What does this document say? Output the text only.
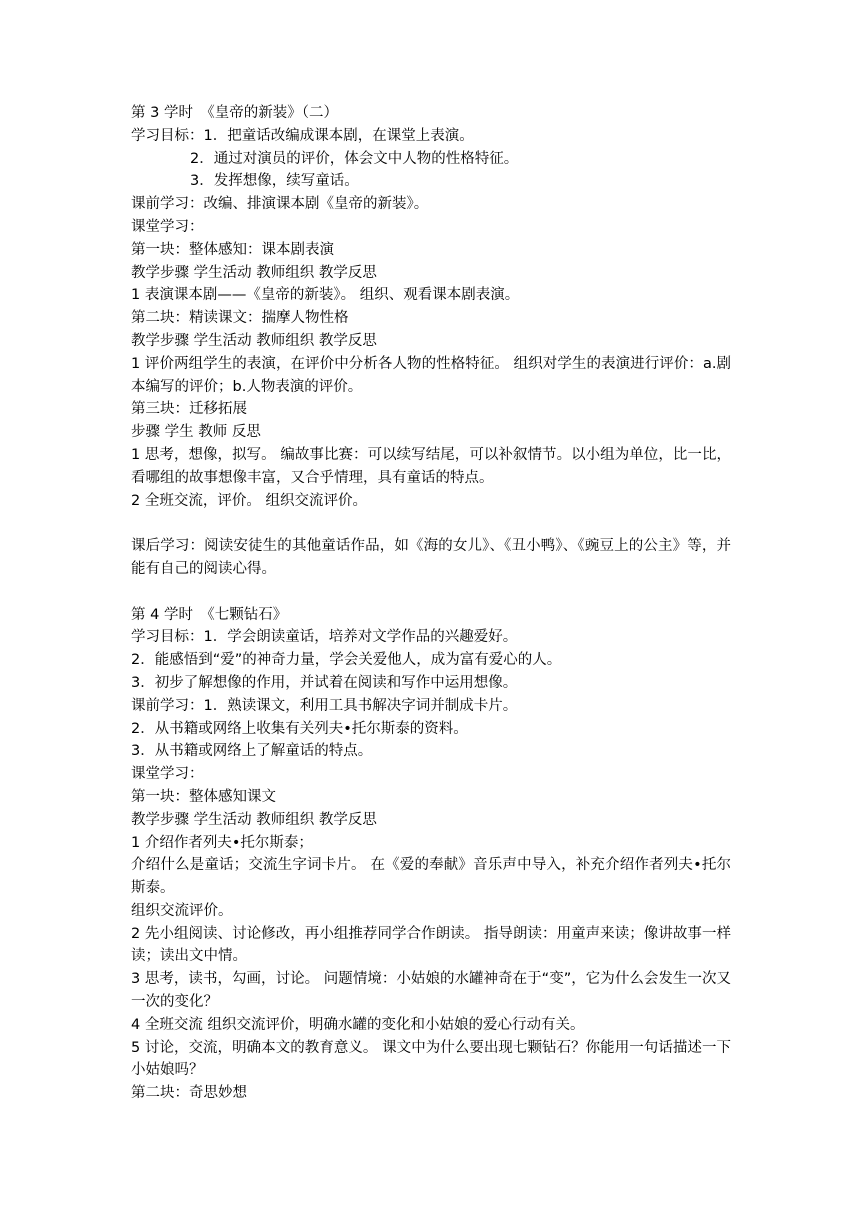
第 3 学时　《皇帝的新装》（二）
学习目标：1．把童话改编成课本剧，在课堂上表演。
2．通过对演员的评价，体会文中人物的性格特征。
3．发挥想像，续写童话。
课前学习：改编、排演课本剧《皇帝的新装》。
课堂学习：
第一块：整体感知：课本剧表演
教学步骤 学生活动 教师组织 教学反思
1 表演课本剧——《皇帝的新装》。 组织、观看课本剧表演。
第二块：精读课文：揣摩人物性格
教学步骤 学生活动 教师组织 教学反思
1 评价两组学生的表演，在评价中分析各人物的性格特征。 组织对学生的表演进行评价：a.剧本编写的评价；b.人物表演的评价。
第三块：迁移拓展
步骤 学生 教师 反思
1 思考，想像，拟写。 编故事比赛：可以续写结尾，可以补叙情节。以小组为单位，比一比，看哪组的故事想像丰富，又合乎情理，具有童话的特点。
2 全班交流，评价。 组织交流评价。
课后学习：阅读安徒生的其他童话作品，如《海的女儿》、《丑小鸭》、《豌豆上的公主》等，并能有自己的阅读心得。
第 4 学时　《七颗钻石》
学习目标：1．学会朗读童话，培养对文学作品的兴趣爱好。
2．能感悟到“爱”的神奇力量，学会关爱他人，成为富有爱心的人。
3．初步了解想像的作用，并试着在阅读和写作中运用想像。
课前学习：1．熟读课文，利用工具书解决字词并制成卡片。
2．从书籍或网络上收集有关列夫•托尔斯泰的资料。
3．从书籍或网络上了解童话的特点。
课堂学习：
第一块：整体感知课文
教学步骤 学生活动 教师组织 教学反思
1 介绍作者列夫•托尔斯泰；
介绍什么是童话；交流生字词卡片。 在《爱的奉献》音乐声中导入，补充介绍作者列夫•托尔斯泰。
组织交流评价。
2 先小组阅读、讨论修改，再小组推荐同学合作朗读。 指导朗读：用童声来读；像讲故事一样读；读出文中情。
3 思考，读书，勾画，讨论。 问题情境：小姑娘的水罐神奇在于“变”，它为什么会发生一次又一次的变化？
4 全班交流 组织交流评价，明确水罐的变化和小姑娘的爱心行动有关。
5 讨论，交流，明确本文的教育意义。 课文中为什么要出现七颗钻石？你能用一句话描述一下小姑娘吗？
第二块：奇思妙想
